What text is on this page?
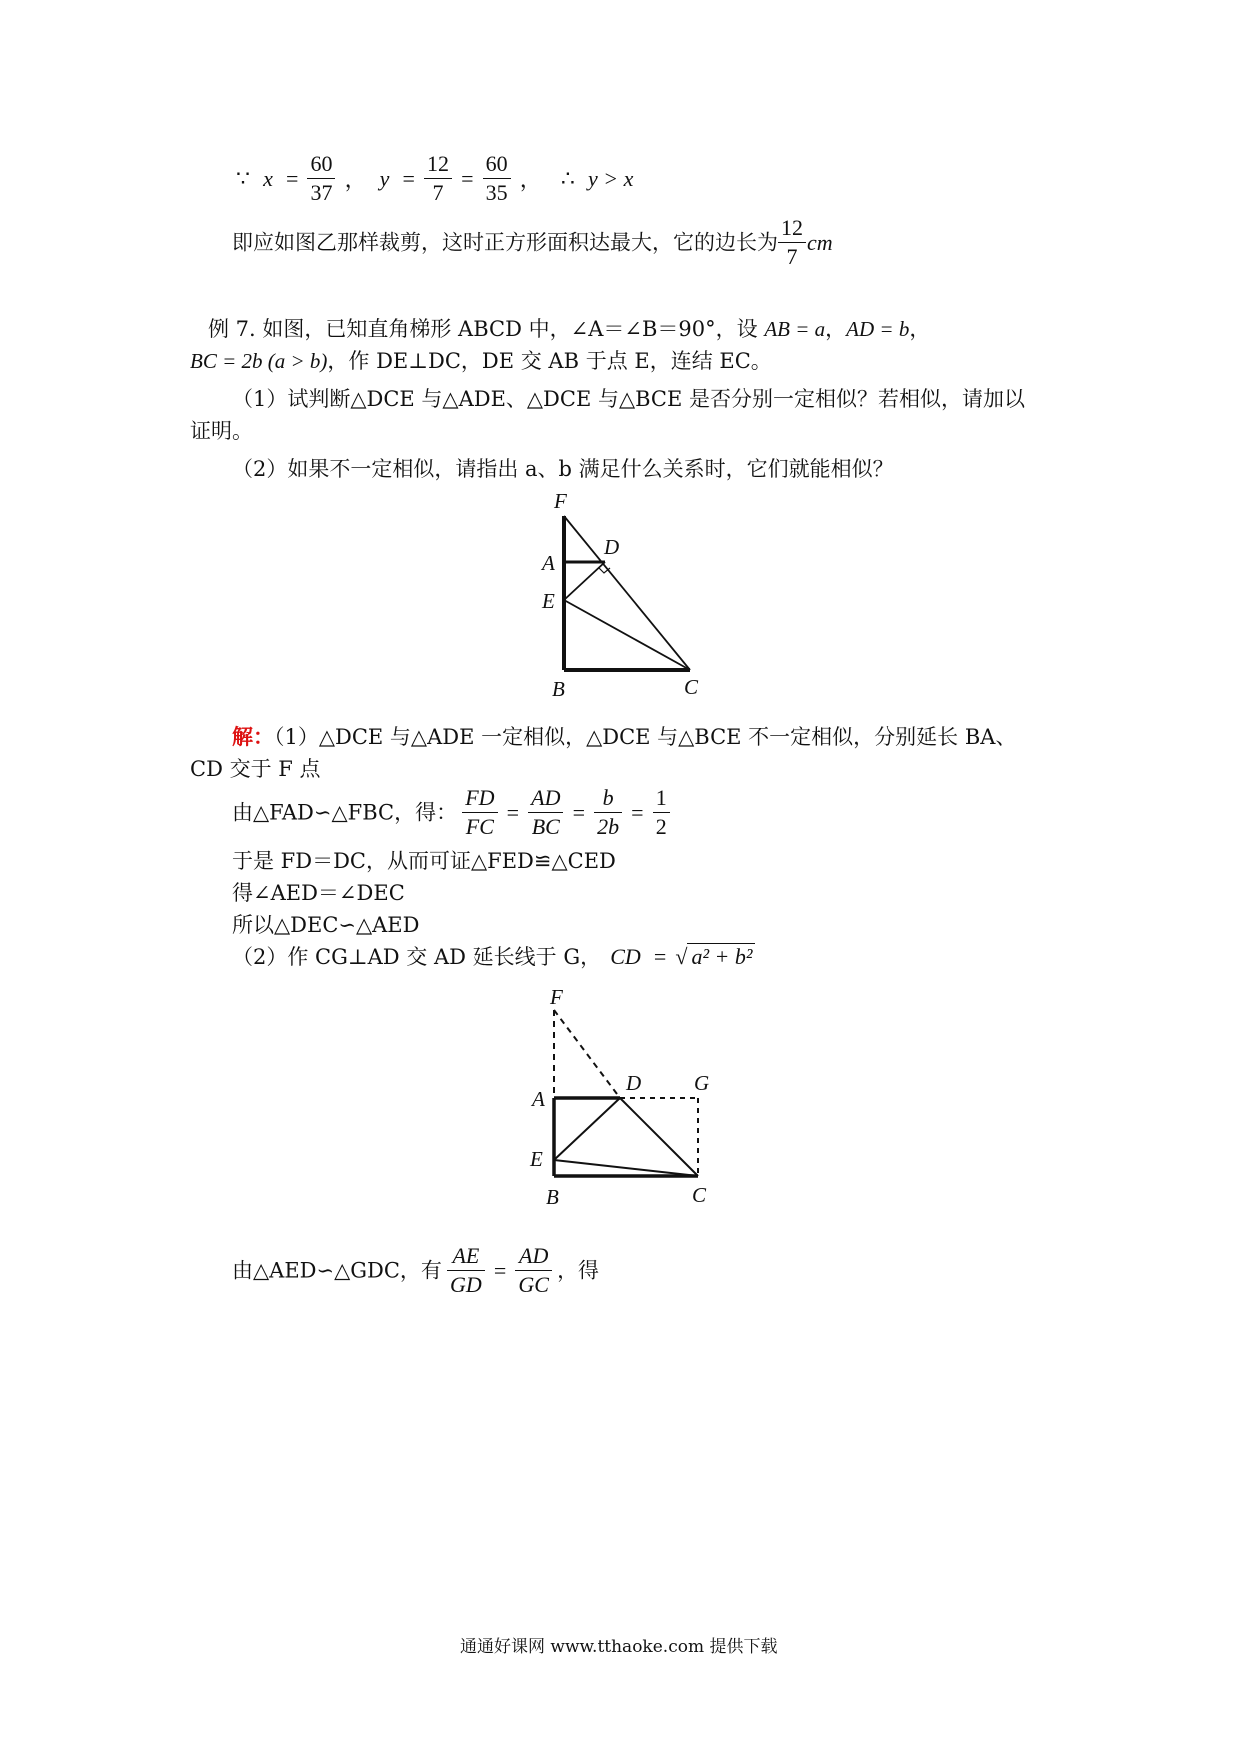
∵ $x = \frac{60}{37}$ ， $y = \frac{12}{7} = \frac{60}{35}$ ， ∴ y > x
即应如图乙那样裁剪，这时正方形面积达最大，它的边长为 $\frac{12}{7}$ cm
例 7. 如图，已知直角梯形 ABCD 中，∠A＝∠B＝90°，设 AB = a，AD = b，
BC = 2b (a > b)，作 DE⊥DC，DE 交 AB 于点 E，连结 EC。
（1）试判断△DCE 与△ADE、△DCE 与△BCE 是否分别一定相似？若相似，请加以
证明。
（2）如果不一定相似，请指出 a、b 满足什么关系时，它们就能相似？
F
A
D
E
B	C
解：（1）△DCE 与△ADE 一定相似，△DCE 与△BCE 不一定相似，分别延长 BA、
CD 交于 F 点
由△FAD∽△FBC，得： $\frac{FD}{FC} = \frac{AD}{BC} = \frac{b}{2b} = \frac{1}{2}$
于是 FD＝DC，从而可证△FED≌△CED
得∠AED＝∠DEC
所以△DEC∽△AED
（2）作 CG⊥AD 交 AD 延长线于 G， CD = √ a² + b²
F
A
D	G
E
B	C
由△AED∽△GDC，有 $\frac{AE}{GD} = \frac{AD}{GC}$ ，得
通通好课网 www.tthaoke.com 提供下载
